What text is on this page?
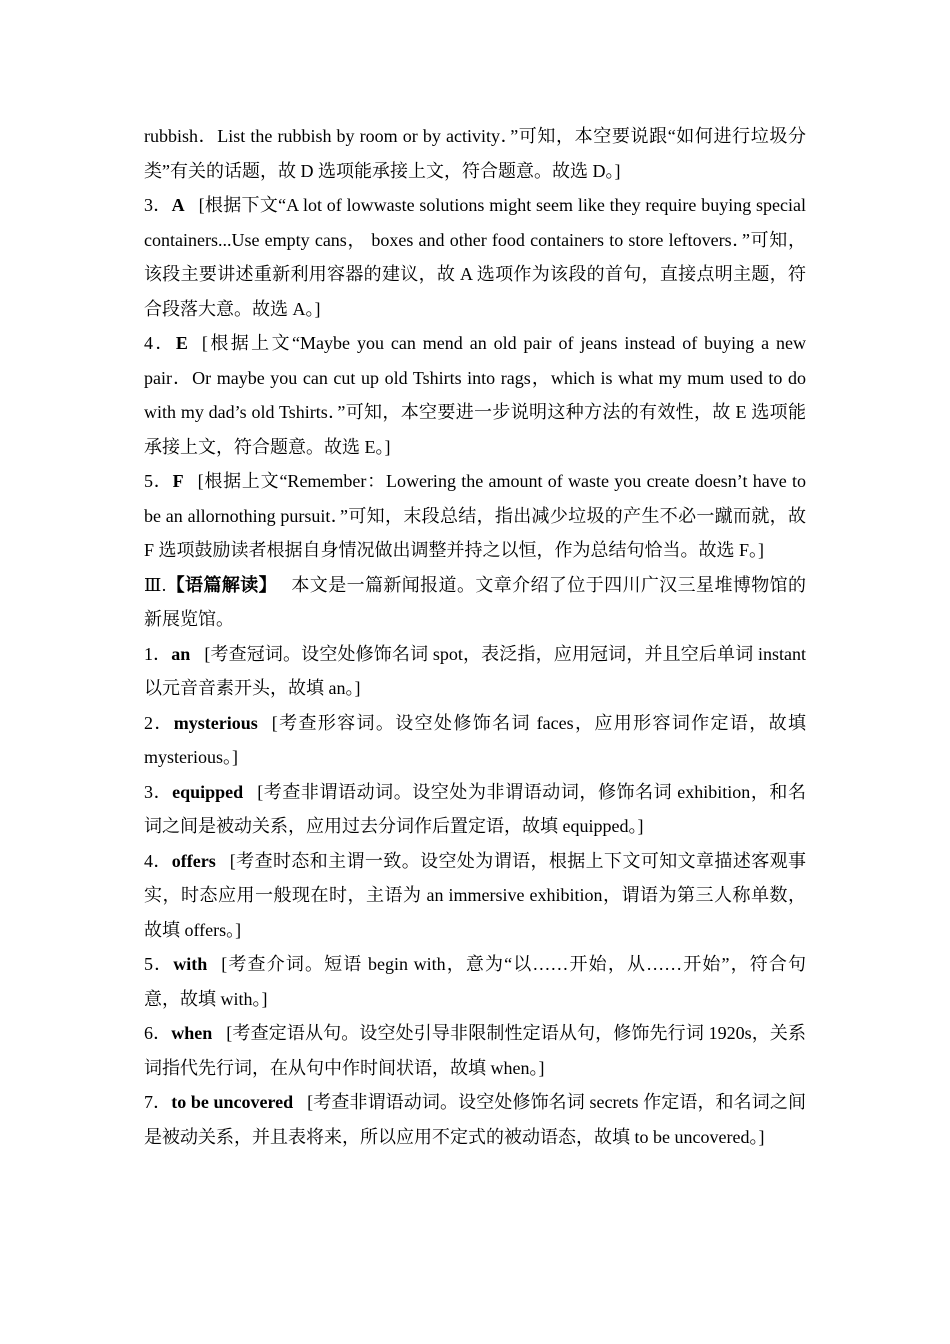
rubbish．List the rubbish by room or by activity．”可知，本空要说跟“如何进行垃圾分类”有关的话题，故 D 选项能承接上文，符合题意。故选 D。]

3．A [根据下文“A lot of lowwaste solutions might seem like they require buying special containers...Use empty cans， boxes and other food containers to store leftovers．”可知，该段主要讲述重新利用容器的建议，故 A 选项作为该段的首句，直接点明主题，符合段落大意。故选 A。]

4．E [根据上文“Maybe you can mend an old pair of jeans instead of buying a new pair．Or maybe you can cut up old Tshirts into rags，which is what my mum used to do with my dad’s old Tshirts．”可知，本空要进一步说明这种方法的有效性，故 E 选项能承接上文，符合题意。故选 E。]

5．F [根据上文“Remember：Lowering the amount of waste you create doesn’t have to be an allornothing pursuit．”可知，末段总结，指出减少垃圾的产生不必一蹴而就，故 F 选项鼓励读者根据自身情况做出调整并持之以恒，作为总结句恰当。故选 F。]

Ⅲ.【语篇解读】 本文是一篇新闻报道。文章介绍了位于四川广汉三星堆博物馆的新展览馆。

1．an [考查冠词。设空处修饰名词 spot，表泛指，应用冠词，并且空后单词 instant 以元音音素开头，故填 an。]

2．mysterious [考查形容词。设空处修饰名词 faces，应用形容词作定语，故填 mysterious。]

3．equipped [考查非谓语动词。设空处为非谓语动词，修饰名词 exhibition，和名词之间是被动关系，应用过去分词作后置定语，故填 equipped。]

4．offers [考查时态和主谓一致。设空处为谓语，根据上下文可知文章描述客观事实，时态应用一般现在时，主语为 an immersive exhibition，谓语为第三人称单数，故填 offers。]

5．with [考查介词。短语 begin with，意为“以……开始，从……开始”，符合句意，故填 with。]

6．when [考查定语从句。设空处引导非限制性定语从句，修饰先行词 1920s，关系词指代先行词，在从句中作时间状语，故填 when。]

7．to be uncovered [考查非谓语动词。设空处修饰名词 secrets 作定语，和名词之间是被动关系，并且表将来，所以应用不定式的被动语态，故填 to be uncovered。]
